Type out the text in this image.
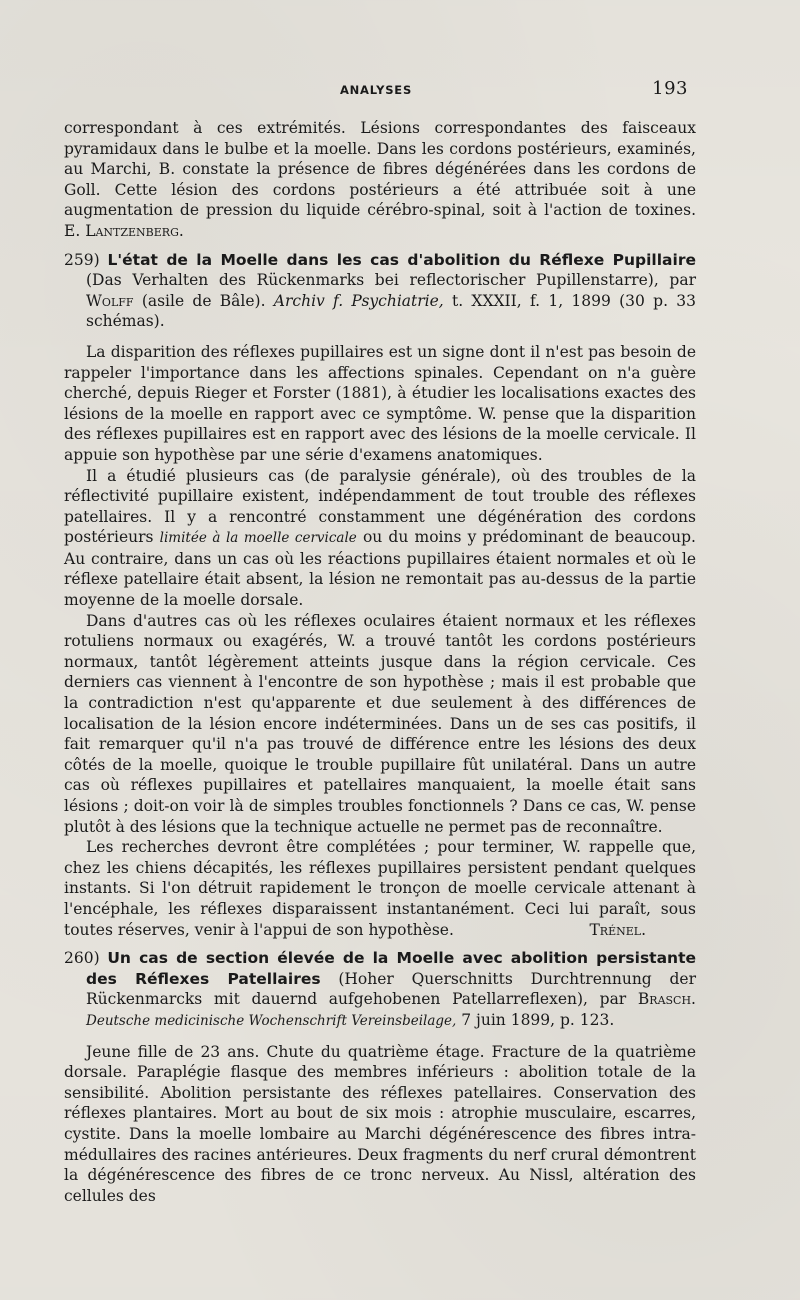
ANALYSES	193

correspondant à ces extrémités. Lésions correspondantes des faisceaux pyramidaux dans le bulbe et la moelle. Dans les cordons postérieurs, examinés, au Marchi, B. constate la présence de fibres dégénérées dans les cordons de Goll. Cette lésion des cordons postérieurs a été attribuée soit à une augmentation de pression du liquide cérébro-spinal, soit à l'action de toxines. E. Lantzenberg.

259) L'état de la Moelle dans les cas d'abolition du Réflexe Pupillaire (Das Verhalten des Rückenmarks bei reflectorischer Pupillenstarre), par Wolff (asile de Bâle). Archiv f. Psychiatrie, t. XXXII, f. 1, 1899 (30 p. 33 schémas).

La disparition des réflexes pupillaires est un signe dont il n'est pas besoin de rappeler l'importance dans les affections spinales. Cependant on n'a guère cherché, depuis Rieger et Forster (1881), à étudier les localisations exactes des lésions de la moelle en rapport avec ce symptôme. W. pense que la disparition des réflexes pupillaires est en rapport avec des lésions de la moelle cervicale. Il appuie son hypothèse par une série d'examens anatomiques.

Il a étudié plusieurs cas (de paralysie générale), où des troubles de la réflectivité pupillaire existent, indépendamment de tout trouble des réflexes patellaires. Il y a rencontré constamment une dégénération des cordons postérieurs limitée à la moelle cervicale ou du moins y prédominant de beaucoup. Au contraire, dans un cas où les réactions pupillaires étaient normales et où le réflexe patellaire était absent, la lésion ne remontait pas au-dessus de la partie moyenne de la moelle dorsale.

Dans d'autres cas où les réflexes oculaires étaient normaux et les réflexes rotuliens normaux ou exagérés, W. a trouvé tantôt les cordons postérieurs normaux, tantôt légèrement atteints jusque dans la région cervicale. Ces derniers cas viennent à l'encontre de son hypothèse ; mais il est probable que la contradiction n'est qu'apparente et due seulement à des différences de localisation de la lésion encore indéterminées. Dans un de ses cas positifs, il fait remarquer qu'il n'a pas trouvé de différence entre les lésions des deux côtés de la moelle, quoique le trouble pupillaire fût unilatéral. Dans un autre cas où réflexes pupillaires et patellaires manquaient, la moelle était sans lésions ; doit-on voir là de simples troubles fonctionnels ? Dans ce cas, W. pense plutôt à des lésions que la technique actuelle ne permet pas de reconnaître.

Les recherches devront être complétées ; pour terminer, W. rappelle que, chez les chiens décapités, les réflexes pupillaires persistent pendant quelques instants. Si l'on détruit rapidement le tronçon de moelle cervicale attenant à l'encéphale, les réflexes disparaissent instantanément. Ceci lui paraît, sous toutes réserves, venir à l'appui de son hypothèse.	Trénel.

260) Un cas de section élevée de la Moelle avec abolition persistante des Réflexes Patellaires (Hoher Querschnitts Durchtrennung der Rückenmarcks mit dauernd aufgehobenen Patellarreflexen), par Brasch. Deutsche medicinische Wochenschrift Vereinsbeilage, 7 juin 1899, p. 123.

Jeune fille de 23 ans. Chute du quatrième étage. Fracture de la quatrième dorsale. Paraplégie flasque des membres inférieurs : abolition totale de la sensibilité. Abolition persistante des réflexes patellaires. Conservation des réflexes plantaires. Mort au bout de six mois : atrophie musculaire, escarres, cystite. Dans la moelle lombaire au Marchi dégénérescence des fibres intra-médullaires des racines antérieures. Deux fragments du nerf crural démontrent la dégénérescence des fibres de ce tronc nerveux. Au Nissl, altération des cellules des
